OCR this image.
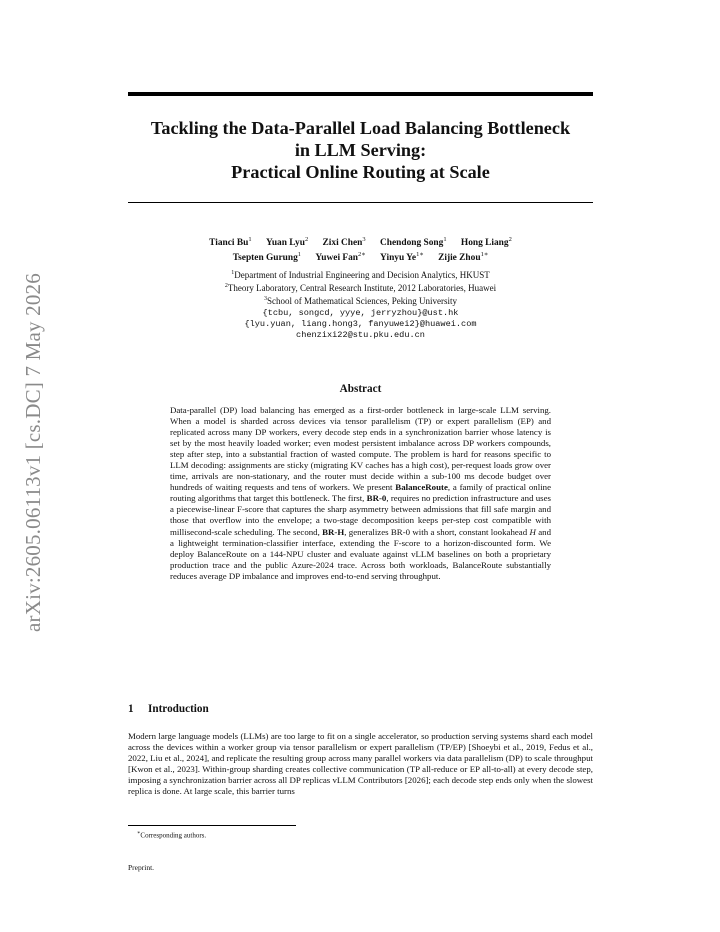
arXiv:2605.06113v1 [cs.DC] 7 May 2026
Tackling the Data-Parallel Load Balancing Bottleneck
in LLM Serving:
Practical Online Routing at Scale
Tianci Bu$^1$ Yuan Lyu$^2$ Zixi Chen$^3$ Chendong Song$^1$ Hong Liang$^2$
Tsepten Gurung$^1$ Yuwei Fan$^{2∗}$ Yinyu $Ye^{1∗}$ Zijie Zhou$^{1∗}$
$^1$Department of Industrial Engineering and Decision Analytics, HKUST
$^2$Theory Laboratory, Central Research Institute, 2012 Laboratories, Huawei
$^3$School of Mathematical Sciences, Peking University
{tcbu, songcd, yyye, jerryzhou}@ust.hk
{lyu.yuan, liang.hong3, fanyuwei2}@huawei.com
chenzixi22@stu.pku.edu.cn
Abstract

Data-parallel (DP) load balancing has emerged as a first-order bottleneck in large-scale LLM serving. When a model is sharded across devices via tensor parallelism (TP) or expert parallelism (EP) and replicated across many DP workers, every decode step ends in a synchronization barrier whose latency is set by the most heavily loaded worker; even modest persistent imbalance across DP workers compounds, step after step, into a substantial fraction of wasted compute. The problem is hard for reasons specific to LLM decoding: assignments are sticky (migrating KV caches has a high cost), per-request loads grow over time, arrivals are non-stationary, and the router must decide within a sub-100 ms decode budget over hundreds of waiting requests and tens of workers. We present BalanceRoute, a family of practical online routing algorithms that target this bottleneck. The first, BR-0, requires no prediction infrastructure and uses a piecewise-linear F-score that captures the sharp asymmetry between admissions that fill safe margin and those that overflow into the envelope; a two-stage decomposition keeps per-step cost compatible with millisecond-scale scheduling. The second, BR-H, generalizes BR-0 with a short, constant lookahead H and a lightweight termination-classifier interface, extending the F-score to a horizon-discounted form. We deploy BalanceRoute on a 144-NPU cluster and evaluate against vLLM baselines on both a proprietary production trace and the public Azure-2024 trace. Across both workloads, BalanceRoute substantially reduces average DP imbalance and improves end-to-end serving throughput.

1 Introduction

Modern large language models (LLMs) are too large to fit on a single accelerator, so production serving systems shard each model across the devices within a worker group via tensor parallelism or expert parallelism (TP/EP) [Shoeybi et al., 2019, Fedus et al., 2022, Liu et al., 2024], and replicate the resulting group across many parallel workers via data parallelism (DP) to scale throughput [Kwon et al., 2023]. Within-group sharding creates collective communication (TP all-reduce or EP all-to-all) at every decode step, imposing a synchronization barrier across all DP replicas vLLM Contributors [2026]; each decode step ends only when the slowest replica is done. At large scale, this barrier turns

∗Corresponding authors.

Preprint.
